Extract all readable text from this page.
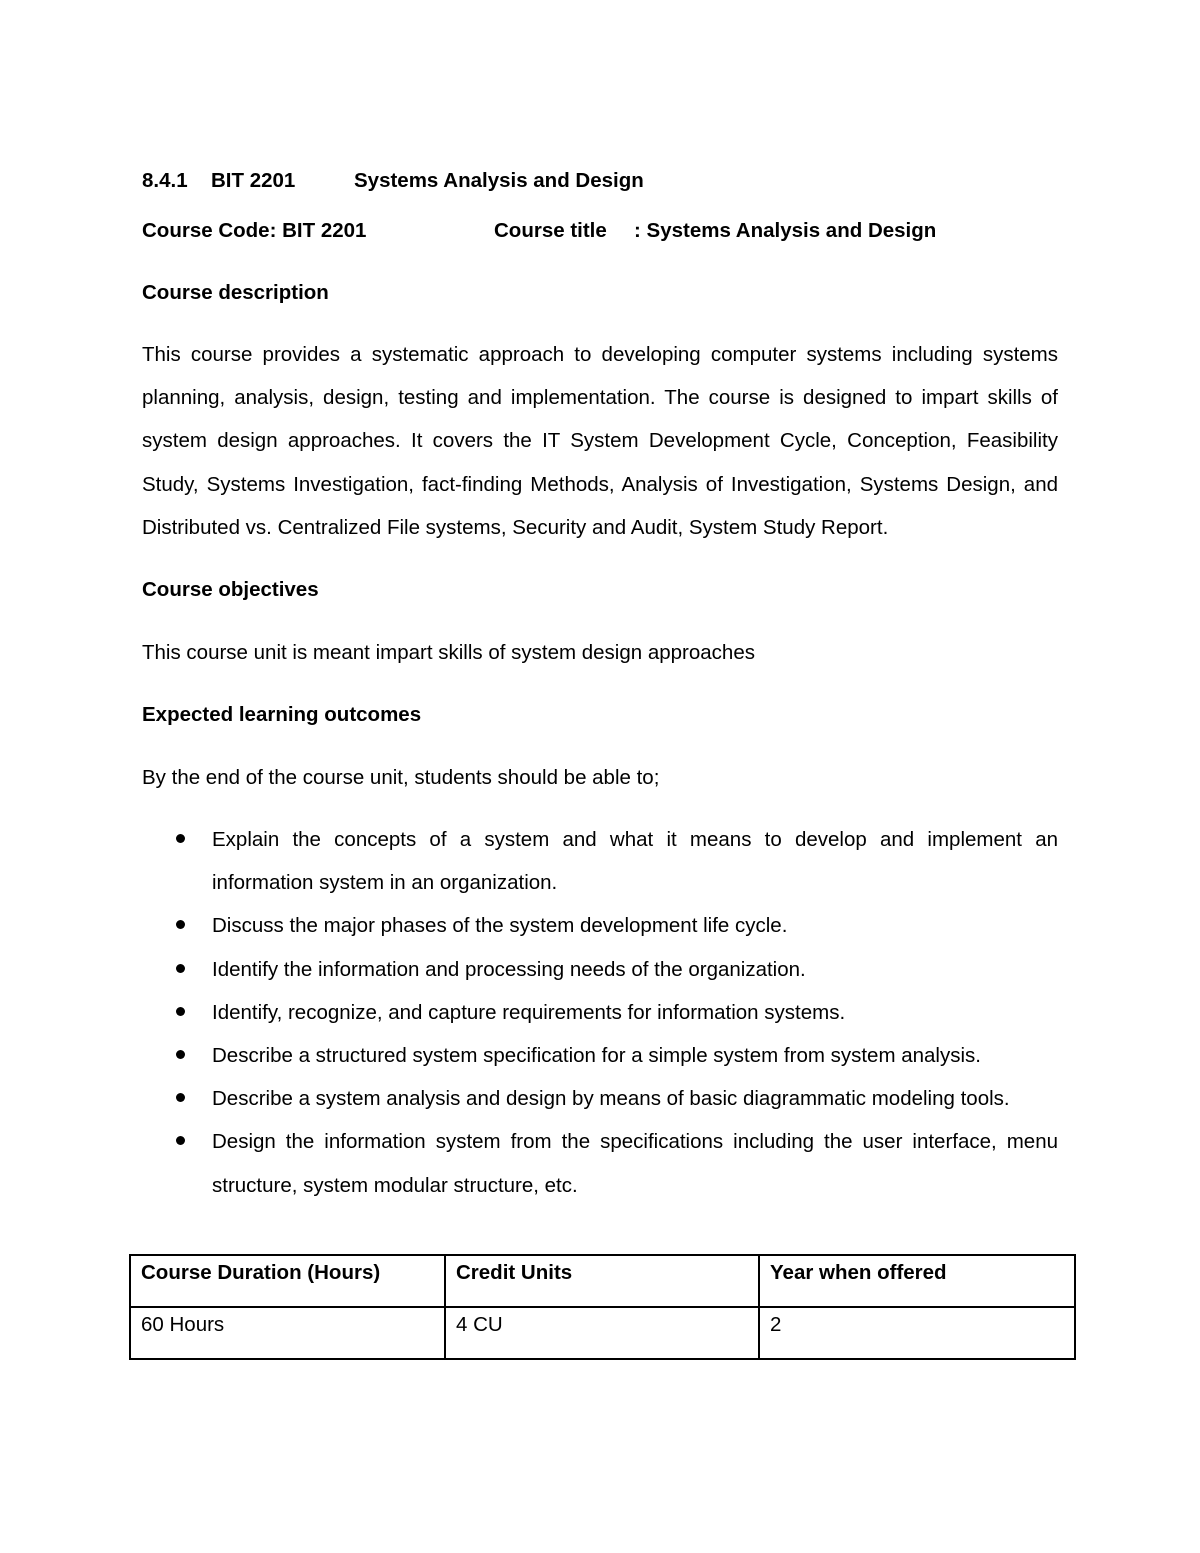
8.4.1 BIT 2201	Systems Analysis and Design
Course Code: BIT 2201	Course title : Systems Analysis and Design
Course description
This course provides a systematic approach to developing computer systems including systems planning, analysis, design, testing and implementation. The course is designed to impart skills of system design approaches. It covers the IT System Development Cycle, Conception, Feasibility Study, Systems Investigation, fact-finding Methods, Analysis of Investigation, Systems Design, and Distributed vs. Centralized File systems, Security and Audit, System Study Report.
Course objectives
This course unit is meant impart skills of system design approaches
Expected learning outcomes
By the end of the course unit, students should be able to;
Explain the concepts of a system and what it means to develop and implement an information system in an organization.
Discuss the major phases of the system development life cycle.
Identify the information and processing needs of the organization.
Identify, recognize, and capture requirements for information systems.
Describe a structured system specification for a simple system from system analysis.
Describe a system analysis and design by means of basic diagrammatic modeling tools.
Design the information system from the specifications including the user interface, menu structure, system modular structure, etc.
Course Duration (Hours)	Credit Units	Year when offered
60 Hours	4 CU	2
